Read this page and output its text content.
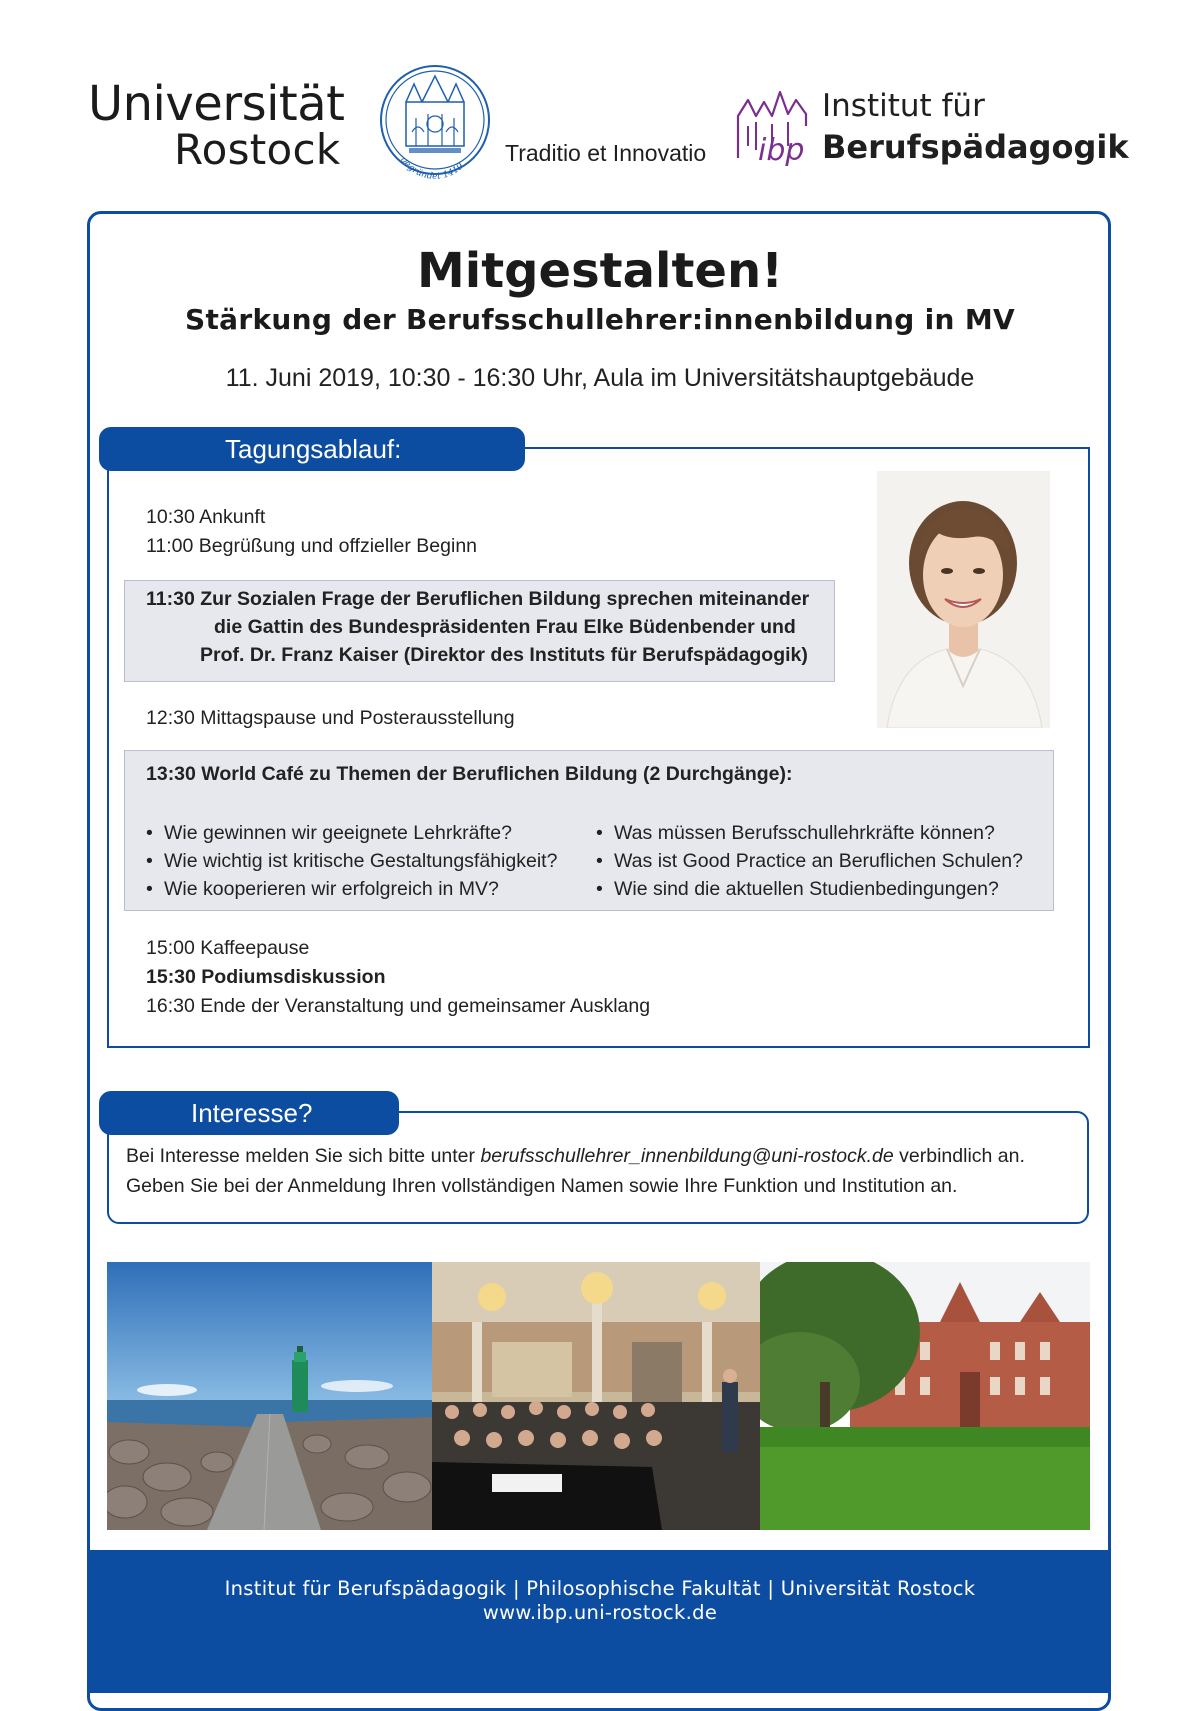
Universität
Rostock	gegründet 1419
Traditio et Innovatio ibp
Institut für
Berufspädagogik
Mitgestalten!
Stärkung der Berufsschullehrer:innenbildung in MV
11. Juni 2019, 10:30 - 16:30 Uhr, Aula im Universitätshauptgebäude
Tagungsablauf:
10:30 Ankunft
11:00 Begrüßung und offzieller Beginn
11:30 Zur Sozialen Frage der Beruflichen Bildung sprechen miteinander
die Gattin des Bundespräsidenten Frau Elke Büdenbender und
Prof. Dr. Franz Kaiser (Direktor des Instituts für Berufspädagogik)
12:30 Mittagspause und Posterausstellung
13:30 World Café zu Themen der Beruflichen Bildung (2 Durchgänge):
• Wie gewinnen wir geeignete Lehrkräfte?
• Wie wichtig ist kritische Gestaltungsfähigkeit?
• Wie kooperieren wir erfolgreich in MV?
• Was müssen Berufsschullehrkräfte können?
• Was ist Good Practice an Beruflichen Schulen?
• Wie sind die aktuellen Studienbedingungen?
15:00 Kaffeepause
15:30 Podiumsdiskussion
16:30 Ende der Veranstaltung und gemeinsamer Ausklang
Interesse?
Bei Interesse melden Sie sich bitte unter berufsschullehrer_innenbildung@uni-rostock.de verbindlich an.
Geben Sie bei der Anmeldung Ihren vollständigen Namen sowie Ihre Funktion und Institution an.
Institut für Berufspädagogik | Philosophische Fakultät | Universität Rostock
www.ibp.uni-rostock.de
